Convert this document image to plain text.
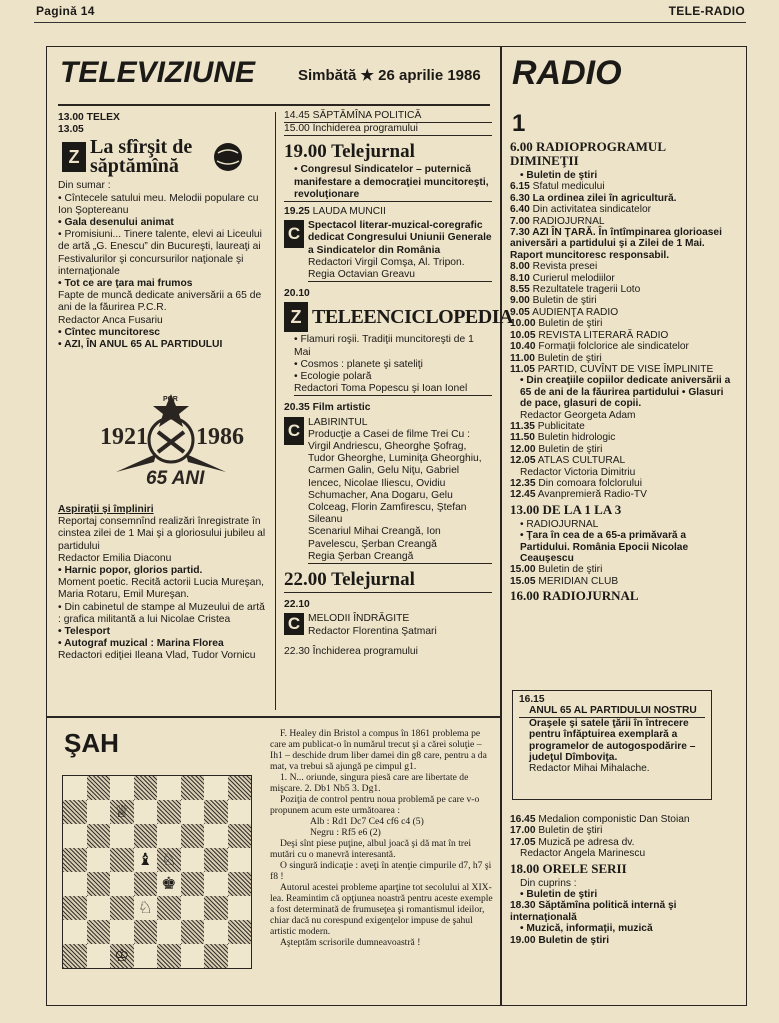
Pagină 14	TELE-RADIO
TELEVIZIUNE	Simbătă ★ 26 aprilie 1986 RADIO

13.00 TELEX

13.05

Z La sfîrşit de săptămînă

Din sumar :

• Cîntecele satului meu. Melodii populare cu Ion Şoptereanu

• Gala desenului animat

• Promisiuni... Tinere talente, elevi ai Liceului de artă „G. Enescu” din Bucureşti, laureaţi ai Festivalurilor şi concursurilor naţionale şi internaţionale

• Tot ce are ţara mai frumos

Fapte de muncă dedicate aniversării a 65 de ani de la făurirea P.C.R.

Redactor Anca Fusariu

• Cîntec muncitoresc

• AZI, ÎN ANUL 65 AL PARTIDULUI

1921 1986
65 ANI
PCR

Aspiraţii şi împliniri

Reportaj consemnînd realizări înregistrate în cinstea zilei de 1 Mai şi a gloriosului jubileu al partidului

Redactor Emilia Diaconu

• Harnic popor, glorios partid.

Moment poetic. Recită actorii Lucia Mureşan, Maria Rotaru, Emil Mureşan.

• Din cabinetul de stampe al Muzeului de artă : grafica militantă a lui Nicolae Cristea

• Telesport

• Autograf muzical : Marina Florea

Redactori ediţiei Ileana Vlad, Tudor Vornicu

14.45 SĂPTĂMÎNA POLITICĂ

15.00 Închiderea programului

19.00 Telejurnal

• Congresul Sindicatelor – puternică manifestare a democraţiei muncitoreşti, revoluţionare

19.25 LAUDA MUNCII

C Spectacol literar-muzical-coregrafic dedicat Congresului Uniunii Generale a Sindicatelor din România

Redactori Virgil Comşa, Al. Tripon.

Regia Octavian Greavu

20.10

Z TELEENCICLOPEDIA

• Flamuri roşii. Tradiţii muncitoreşti de 1 Mai

• Cosmos : planete şi sateliţi

• Ecologie polară

Redactori Toma Popescu şi Ioan Ionel

20.35 Film artistic

C LABIRINTUL

Producţie a Casei de filme Trei Cu : Virgil Andriescu, Gheorghe Şofrag, Tudor Gheorghe, Luminiţa Gheorghiu, Carmen Galin, Gelu Niţu, Gabriel Iencec, Nicolae Iliescu, Ovidiu Schumacher, Ana Dogaru, Gelu Colceag, Florin Zamfirescu, Ştefan Sileanu

Scenariul Mihai Creangă, Ion Pavelescu, Şerban Creangă

Regia Şerban Creangă

22.00 Telejurnal

22.10

C MELODII ÎNDRĂGITE

Redactor Florentina Şatmari

22.30 Închiderea programului

ŞAH
♕
♝ ♘
♚
♘
♔

F. Healey din Bristol a compus în 1861 problema pe care am publicat-o în numărul trecut şi a cărei soluţie – Ih1 – deschide drum liber damei din g8 care, pentru a da mat, va trebui să ajungă pe cimpul g1.

1. N... oriunde, singura piesă care are libertate de mişcare. 2. Db1 Nb5 3. Dg1.

Poziţia de control pentru noua problemă pe care v-o propunem acum este următoarea :

Alb : Rd1 Dc7 Ce4 cf6 c4 (5)

Negru : Rf5 e6 (2)

Deşi sînt piese puţine, albul joacă şi dă mat în trei mutări cu o manevră interesantă.

O singură indicaţie : aveţi în atenţie cimpurile d7, h7 şi f8 !

Autorul acestei probleme aparţine tot secolului al XIX-lea. Reamintim că opţiunea noastră pentru aceste exemple a fost determinată de frumuseţea şi romantismul ideilor, chiar dacă nu corespund exigenţelor impuse de şahul artistic modern.

Aşteptăm scrisorile dumneavoastră !

1

6.00 RADIOPROGRAMUL DIMINEŢII

• Buletin de ştiri

6.15 Sfatul medicului

6.30 La ordinea zilei în agricultură.

6.40 Din activitatea sindicatelor

7.00 RADIOJURNAL

7.30 AZI ÎN ŢARĂ. În întîmpinarea glorioasei aniversări a partidului şi a Zilei de 1 Mai. Raport muncitoresc responsabil.

8.00 Revista presei

8.10 Curierul melodiilor

8.55 Rezultatele tragerii Loto

9.00 Buletin de ştiri

9.05 AUDIENŢA RADIO

10.00 Buletin de ştiri

10.05 REVISTA LITERARĂ RADIO

10.40 Formaţii folclorice ale sindicatelor

11.00 Buletin de ştiri

11.05 PARTID, CUVÎNT DE VISE ÎMPLINITE

• Din creaţiile copiilor dedicate aniversării a 65 de ani de la făurirea partidului • Glasuri de pace, glasuri de copii.

Redactor Georgeta Adam

11.35 Publicitate

11.50 Buletin hidrologic

12.00 Buletin de ştiri

12.05 ATLAS CULTURAL

Redactor Victoria Dimitriu

12.35 Din comoara folclorului

12.45 Avanpremieră Radio-TV

13.00 DE LA 1 LA 3

• RADIOJURNAL

• Ţara în cea de a 65-a primăvară a Partidului. România Epocii Nicolae Ceauşescu

15.00 Buletin de ştiri

15.05 MERIDIAN CLUB

16.00 RADIOJURNAL

16.15

ANUL 65 AL PARTIDULUI NOSTRU

Oraşele şi satele ţării în întrecere pentru înfăptuirea exemplară a programelor de autogospodărire – judeţul Dîmboviţa.

Redactor Mihai Mihalache.

16.45 Medalion componistic Dan Stoian

17.00 Buletin de ştiri

17.05 Muzică pe adresa dv.

Redactor Angela Marinescu

18.00 ORELE SERII

Din cuprins :

• Buletin de ştiri

18.30 Săptămîna politică internă şi internaţională

• Muzică, informaţii, muzică

19.00 Buletin de ştiri
